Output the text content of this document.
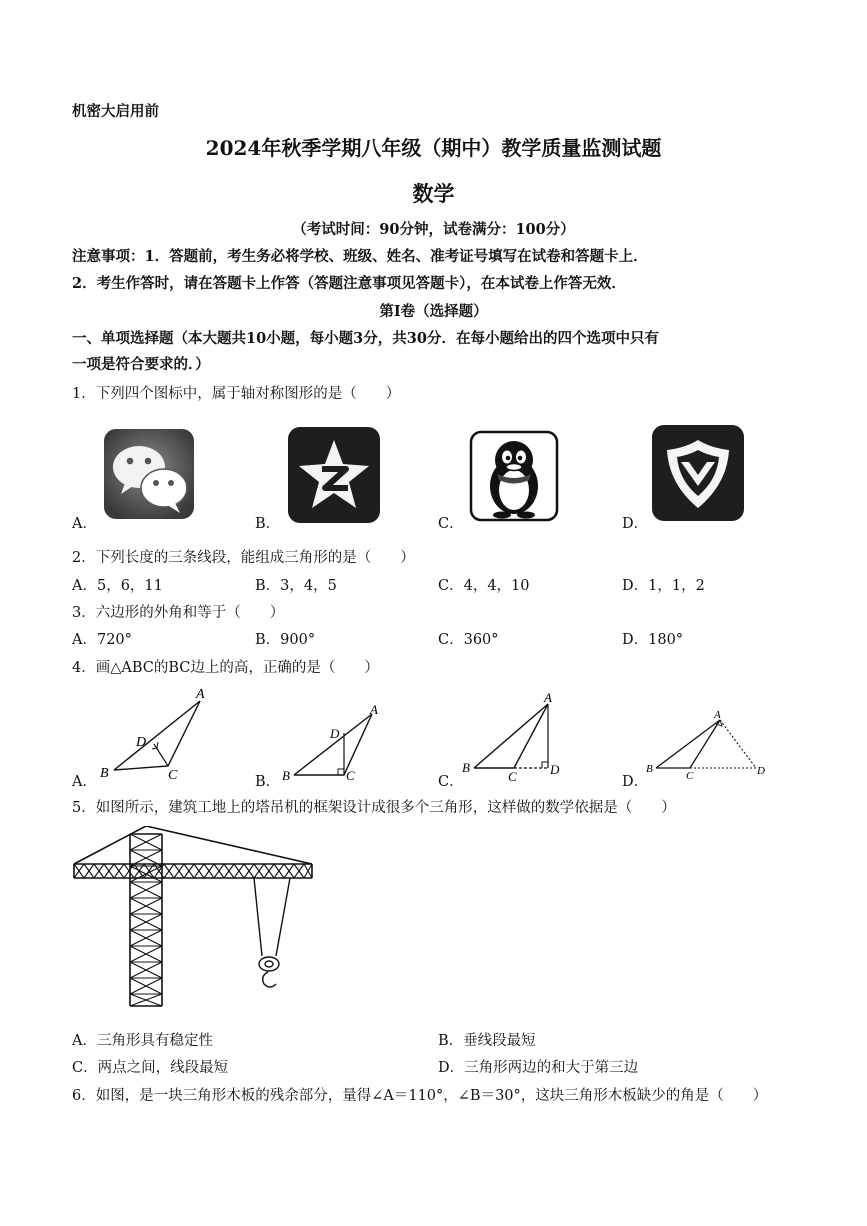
机密大启用前
2024年秋季学期八年级（期中）教学质量监测试题
数学
（考试时间：90分钟，试卷满分：100分）
注意事项：1．答题前，考生务必将学校、班级、姓名、准考证号填写在试卷和答题卡上．
2．考生作答时，请在答题卡上作答（答题注意事项见答题卡），在本试卷上作答无效．
第Ⅰ卷（选择题）
一、单项选择题（本大题共10小题，每小题3分，共30分．在每小题给出的四个选项中只有
一项是符合要求的．）
1．下列四个图标中，属于轴对称图形的是（　　）
A．	B．	C．	D．
2．下列长度的三条线段，能组成三角形的是（　　）
A．5，6，11	B．3，4，5	C．4，4，10	D．1，1，2
3．六边形的外角和等于（　　）
A．720°	B．900°	C．360°	D．180°
4．画△ABC的BC边上的高，正确的是（　　）
A
B	C
D
A．
A
B	C
D
B．
A
B
C	D
C．
A
B
C	D
D．
5．如图所示，建筑工地上的塔吊机的框架设计成很多个三角形，这样做的数学依据是（　　）
A．三角形具有稳定性	B．垂线段最短
C．两点之间，线段最短	D．三角形两边的和大于第三边
6．如图，是一块三角形木板的残余部分，量得∠A＝110°，∠B＝30°，这块三角形木板缺少的角是（　　）
